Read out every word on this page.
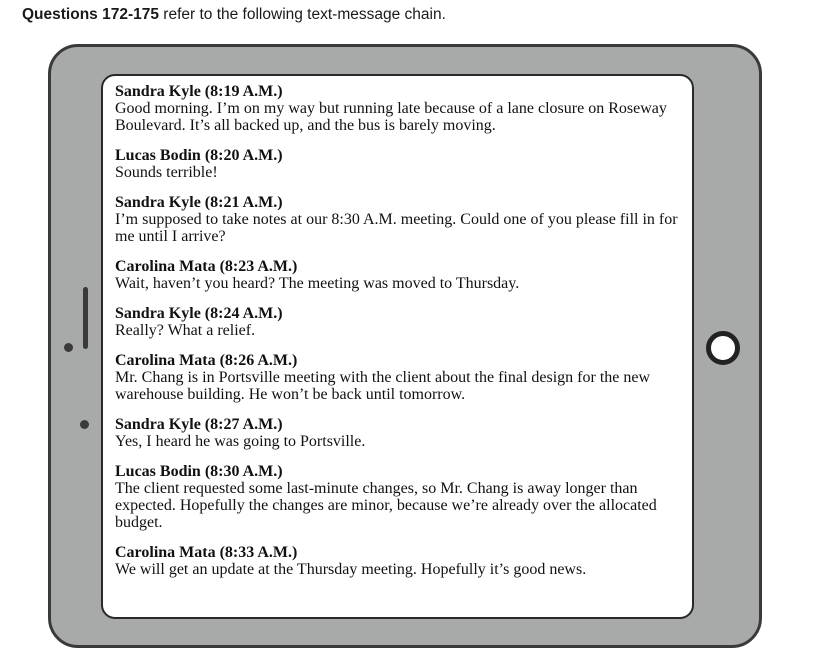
Questions 172-175 refer to the following text-message chain.
Sandra Kyle (8:19 A.M.)
Good morning. I’m on my way but running late because of a lane closure on Roseway Boulevard. It’s all backed up, and the bus is barely moving.
Lucas Bodin (8:20 A.M.)
Sounds terrible!
Sandra Kyle (8:21 A.M.)
I’m supposed to take notes at our 8:30 A.M. meeting. Could one of you please fill in for me until I arrive?
Carolina Mata (8:23 A.M.)
Wait, haven’t you heard? The meeting was moved to Thursday.
Sandra Kyle (8:24 A.M.)
Really? What a relief.
Carolina Mata (8:26 A.M.)
Mr. Chang is in Portsville meeting with the client about the final design for the new warehouse building. He won’t be back until tomorrow.
Sandra Kyle (8:27 A.M.)
Yes, I heard he was going to Portsville.
Lucas Bodin (8:30 A.M.)
The client requested some last-minute changes, so Mr. Chang is away longer than expected. Hopefully the changes are minor, because we’re already over the allocated budget.
Carolina Mata (8:33 A.M.)
We will get an update at the Thursday meeting. Hopefully it’s good news.
